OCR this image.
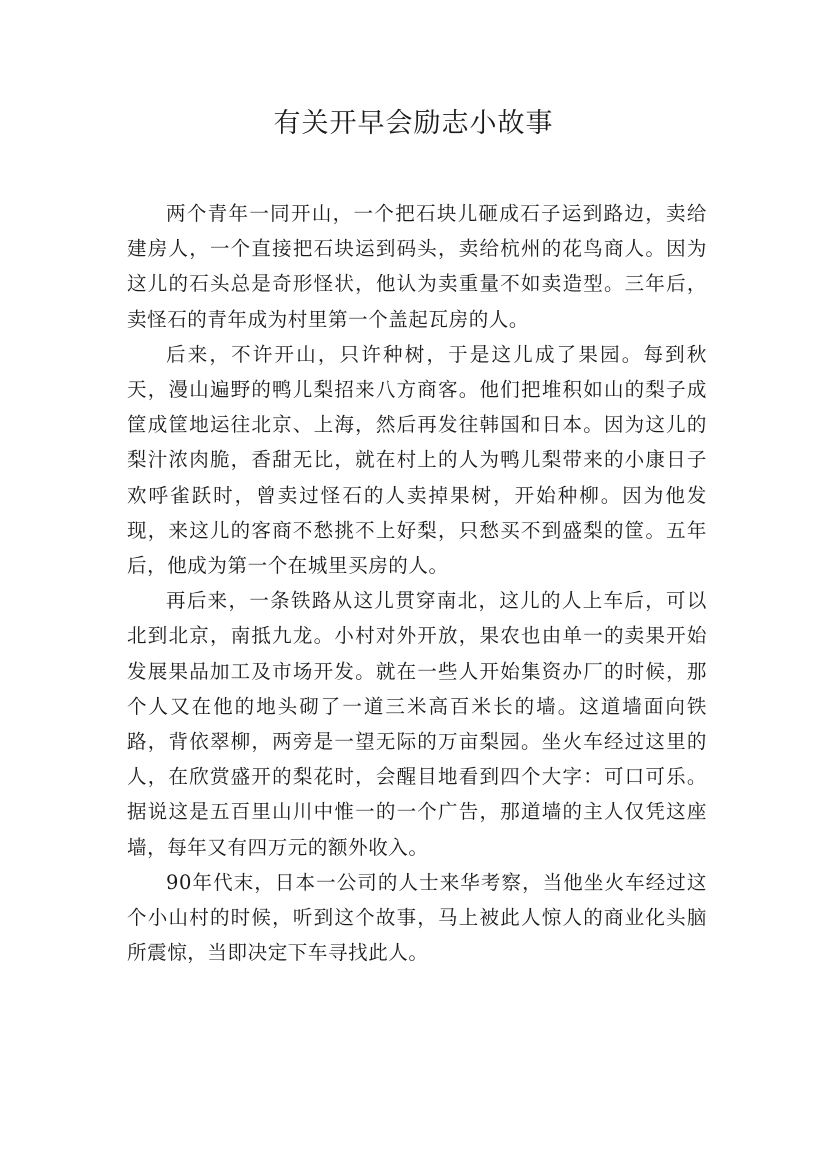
有关开早会励志小故事

两个青年一同开山，一个把石块儿砸成石子运到路边，卖给建房人，一个直接把石块运到码头，卖给杭州的花鸟商人。因为这儿的石头总是奇形怪状，他认为卖重量不如卖造型。三年后，卖怪石的青年成为村里第一个盖起瓦房的人。

后来，不许开山，只许种树，于是这儿成了果园。每到秋天，漫山遍野的鸭儿梨招来八方商客。他们把堆积如山的梨子成筐成筐地运往北京、上海，然后再发往韩国和日本。因为这儿的梨汁浓肉脆，香甜无比，就在村上的人为鸭儿梨带来的小康日子欢呼雀跃时，曾卖过怪石的人卖掉果树，开始种柳。因为他发现，来这儿的客商不愁挑不上好梨，只愁买不到盛梨的筐。五年后，他成为第一个在城里买房的人。

再后来，一条铁路从这儿贯穿南北，这儿的人上车后，可以北到北京，南抵九龙。小村对外开放，果农也由单一的卖果开始发展果品加工及市场开发。就在一些人开始集资办厂的时候，那个人又在他的地头砌了一道三米高百米长的墙。这道墙面向铁路，背依翠柳，两旁是一望无际的万亩梨园。坐火车经过这里的人，在欣赏盛开的梨花时，会醒目地看到四个大字：可口可乐。据说这是五百里山川中惟一的一个广告，那道墙的主人仅凭这座墙，每年又有四万元的额外收入。

90年代末，日本一公司的人士来华考察，当他坐火车经过这个小山村的时候，听到这个故事，马上被此人惊人的商业化头脑所震惊，当即决定下车寻找此人。
